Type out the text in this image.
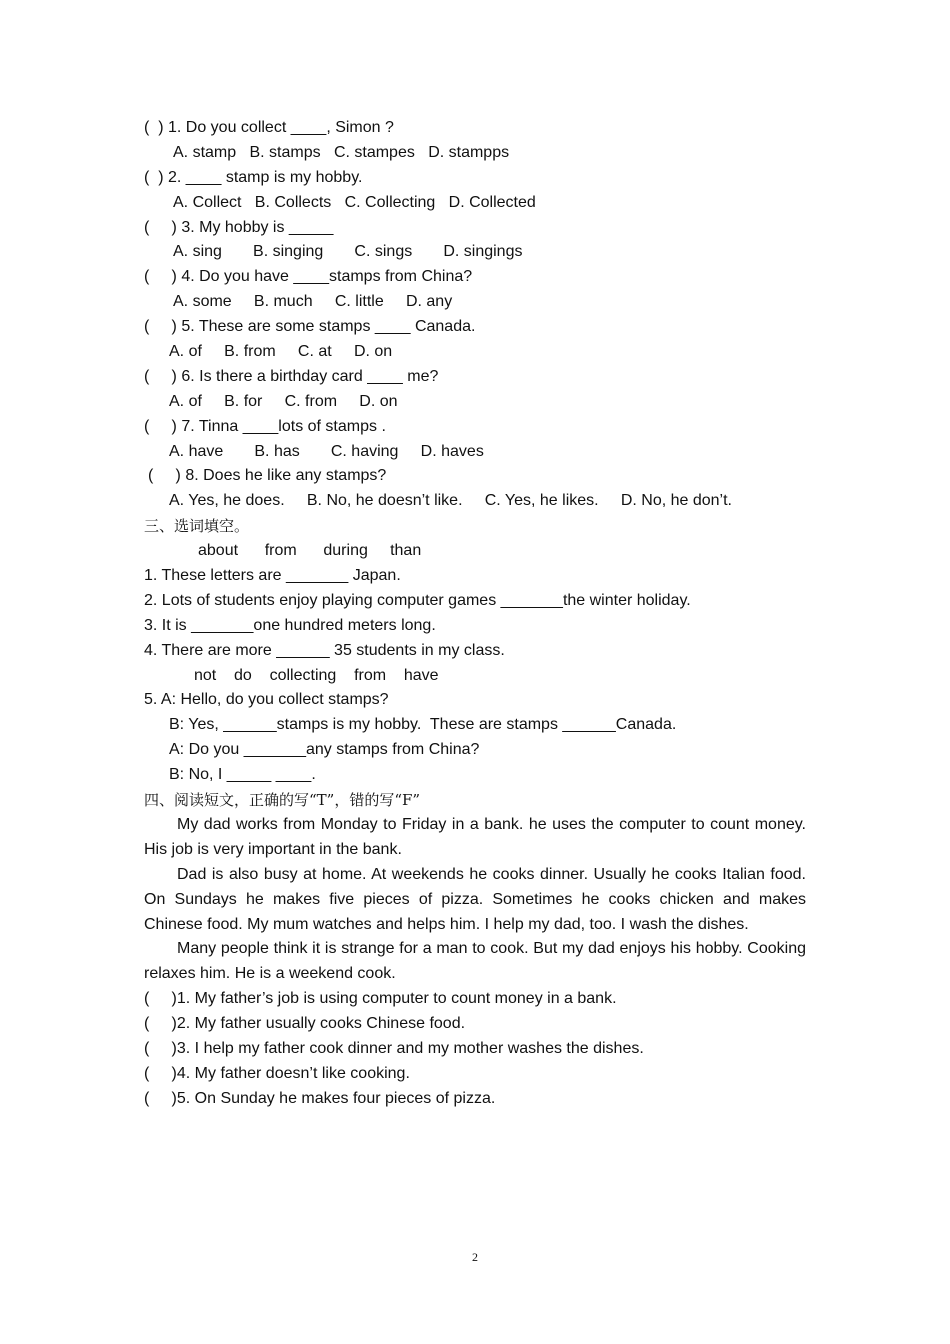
(  ) 1. Do you collect ____, Simon ?
A. stamp   B. stamps   C. stampes   D. stampps
(  ) 2. ____ stamp is my hobby.
A. Collect   B. Collects   C. Collecting   D. Collected
(     ) 3. My hobby is _____
A. sing       B. singing       C. sings       D. singings
(     ) 4. Do you have ____stamps from China?
A. some     B. much     C. little     D. any
(     ) 5. These are some stamps ____ Canada.
A. of     B. from     C. at     D. on
(     ) 6. Is there a birthday card ____ me?
A. of     B. for     C. from     D. on
(     ) 7. Tinna ____lots of stamps .
A. have       B. has       C. having     D. haves
(     ) 8. Does he like any stamps?
A. Yes, he does.     B. No, he doesn’t like.     C. Yes, he likes.     D. No, he don’t.
三、选词填空。
about      from      during     than
1. These letters are _______ Japan.
2. Lots of students enjoy playing computer games _______the winter holiday.
3. It is _______one hundred meters long.
4. There are more ______ 35 students in my class.
not    do    collecting    from    have
5. A: Hello, do you collect stamps?
B: Yes, ______stamps is my hobby.  These are stamps ______Canada.
A: Do you _______any stamps from China?
B: No, I _____ ____.
四、阅读短文，正确的写“T”，错的写“F”
My dad works from Monday to Friday in a bank. he uses the computer to count money. His job is very important in the bank.
Dad is also busy at home. At weekends he cooks dinner. Usually he cooks Italian food. On Sundays he makes five pieces of pizza. Sometimes he cooks chicken and makes Chinese food. My mum watches and helps him. I help my dad, too. I wash the dishes.
Many people think it is strange for a man to cook. But my dad enjoys his hobby. Cooking relaxes him. He is a weekend cook.
(     )1. My father’s job is using computer to count money in a bank.
(     )2. My father usually cooks Chinese food.
(     )3. I help my father cook dinner and my mother washes the dishes.
(     )4. My father doesn’t like cooking.
(     )5. On Sunday he makes four pieces of pizza.
2
